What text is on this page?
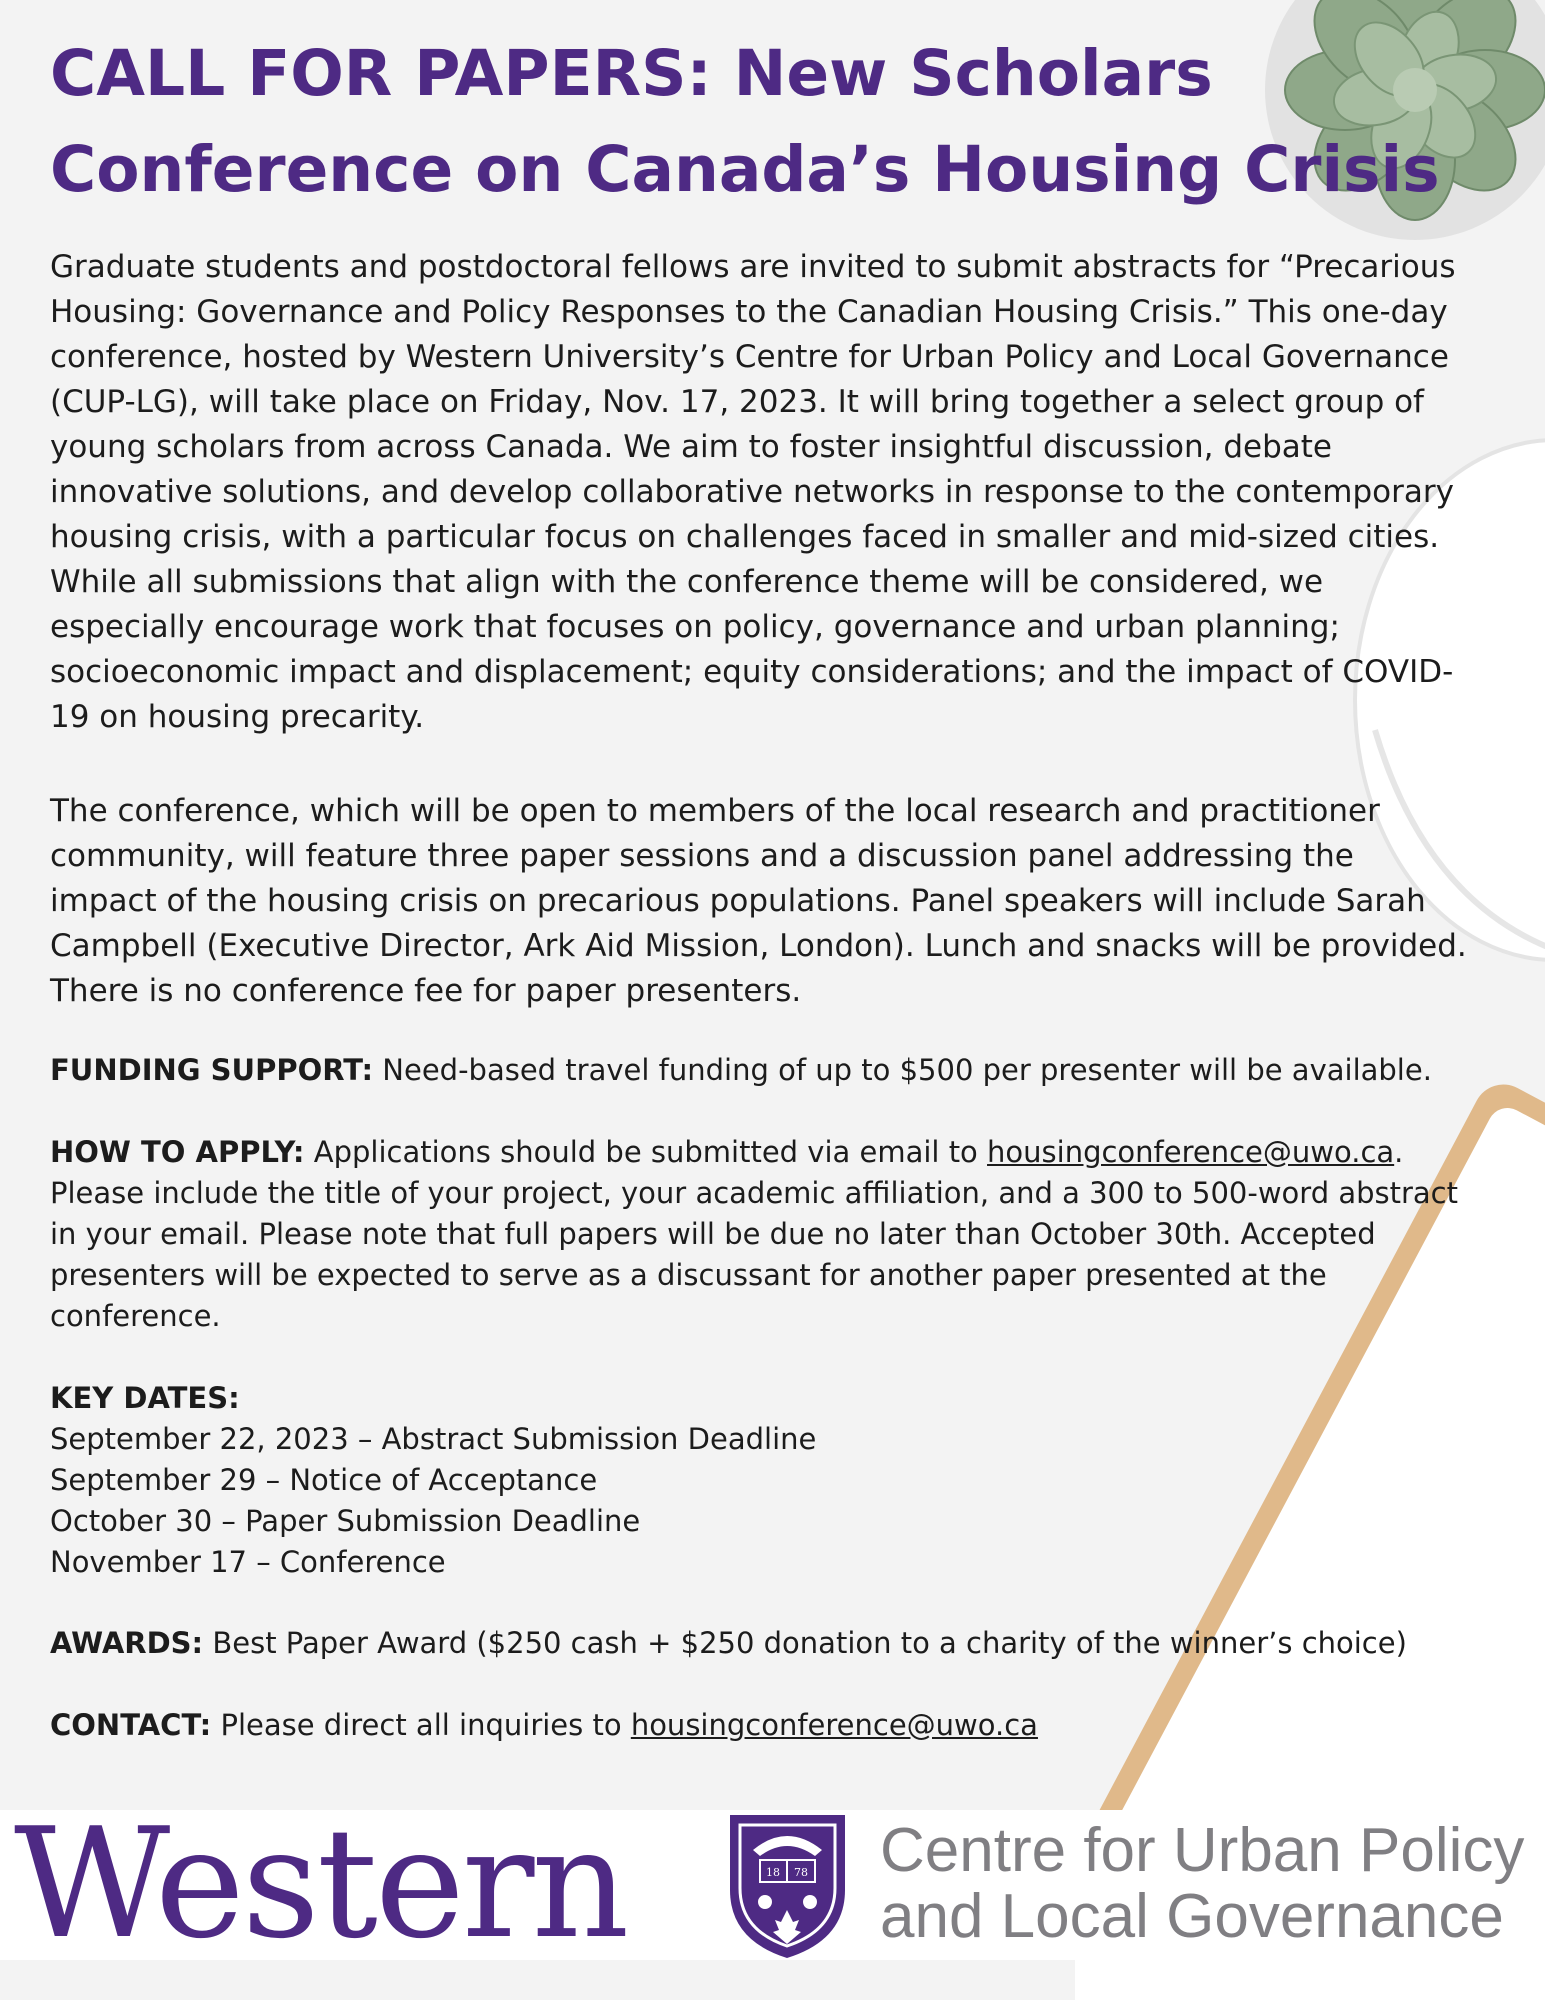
CALL FOR PAPERS: New Scholars Conference on Canada’s Housing Crisis

Graduate students and postdoctoral fellows are invited to submit abstracts for “Precarious Housing: Governance and Policy Responses to the Canadian Housing Crisis.” This one-day conference, hosted by Western University’s Centre for Urban Policy and Local Governance (CUP-LG), will take place on Friday, Nov. 17, 2023. It will bring together a select group of young scholars from across Canada. We aim to foster insightful discussion, debate innovative solutions, and develop collaborative networks in response to the contemporary housing crisis, with a particular focus on challenges faced in smaller and mid-sized cities. While all submissions that align with the conference theme will be considered, we especially encourage work that focuses on policy, governance and urban planning; socioeconomic impact and displacement; equity considerations; and the impact of COVID-19 on housing precarity.

The conference, which will be open to members of the local research and practitioner community, will feature three paper sessions and a discussion panel addressing the impact of the housing crisis on precarious populations. Panel speakers will include Sarah Campbell (Executive Director, Ark Aid Mission, London). Lunch and snacks will be provided. There is no conference fee for paper presenters.

FUNDING SUPPORT: Need-based travel funding of up to $500 per presenter will be available.

HOW TO APPLY: Applications should be submitted via email to housingconference@uwo.ca. Please include the title of your project, your academic affiliation, and a 300 to 500-word abstract in your email. Please note that full papers will be due no later than October 30th. Accepted presenters will be expected to serve as a discussant for another paper presented at the conference.

KEY DATES:
September 22, 2023 – Abstract Submission Deadline
September 29 – Notice of Acceptance
October 30 – Paper Submission Deadline
November 17 – Conference

AWARDS: Best Paper Award ($250 cash + $250 donation to a charity of the winner’s choice)

CONTACT: Please direct all inquiries to housingconference@uwo.ca

Western	18 78 Centre for Urban Policy
and Local Governance
